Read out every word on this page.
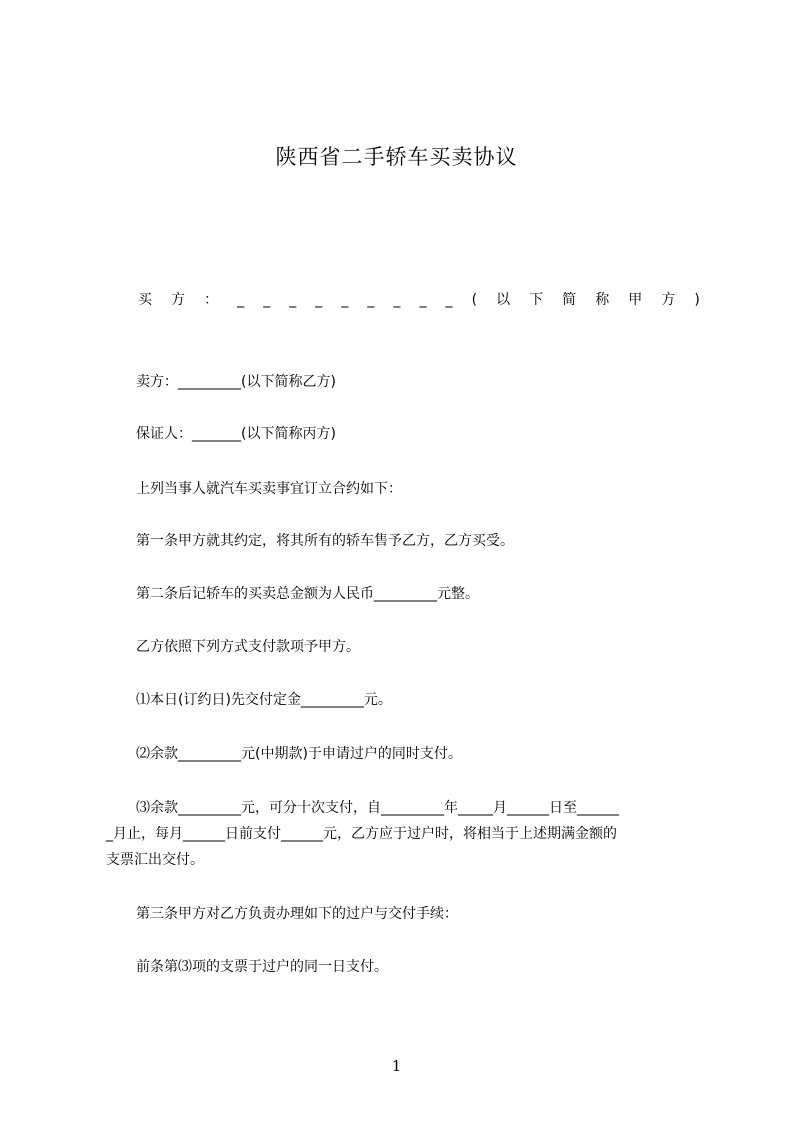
陕西省二手轿车买卖协议
买 方 ： _ _ _ _ _ _ _ _ _ ( 以 下 简 称 甲 方 )
卖方：_________(以下简称乙方)
保证人：_______(以下简称丙方)
上列当事人就汽车买卖事宜订立合约如下：
第一条甲方就其约定，将其所有的轿车售予乙方，乙方买受。
第二条后记轿车的买卖总金额为人民币_________元整。
乙方依照下列方式支付款项予甲方。
⑴本日(订约日)先交付定金_________元。
⑵余款_________元(中期款)于申请过户的同时支付。
⑶余款_________元，可分十次支付，自_________年_____月______日至______
_月止，每月______日前支付______元，乙方应于过户时，将相当于上述期满金额的
支票汇出交付。
第三条甲方对乙方负责办理如下的过户与交付手续：
前条第⑶项的支票于过户的同一日支付。
1
